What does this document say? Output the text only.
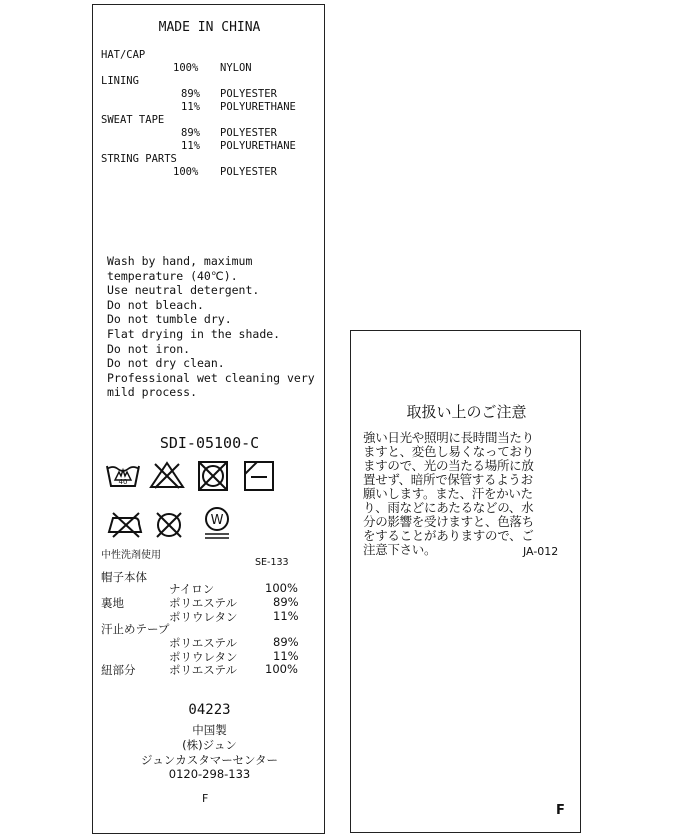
MADE IN CHINA
HAT/CAP
100% NYLON
LINING
89% POLYESTER
11% POLYURETHANE
SWEAT TAPE
89% POLYESTER
11% POLYURETHANE
STRING PARTS
100% POLYESTER
Wash by hand, maximum
temperature (40℃).
Use neutral detergent.
Do not bleach.
Do not tumble dry.
Flat drying in the shade.
Do not iron.
Do not dry clean.
Professional wet cleaning very
mild process.
SDI-05100-C
40
W
中性洗剤使用
SE-133
帽子本体
ナイロン	100%
裏地	ポリエステル	89%
ポリウレタン	11%
汗止めテープ
ポリエステル	89%
ポリウレタン	11%
紐部分	ポリエステル 100%
04223
中国製
(株)ジュン
ジュンカスタマーセンター
0120-298-133
F
取扱い上のご注意
強い日光や照明に長時間当たり
ますと、変色し易くなっており
ますので、光の当たる場所に放
置せず、暗所で保管するようお
願いします。また、汗をかいた
り、雨などにあたるなどの、水
分の影響を受けますと、色落ち
をすることがありますので、ご
注意下さい。	JA-012
F
